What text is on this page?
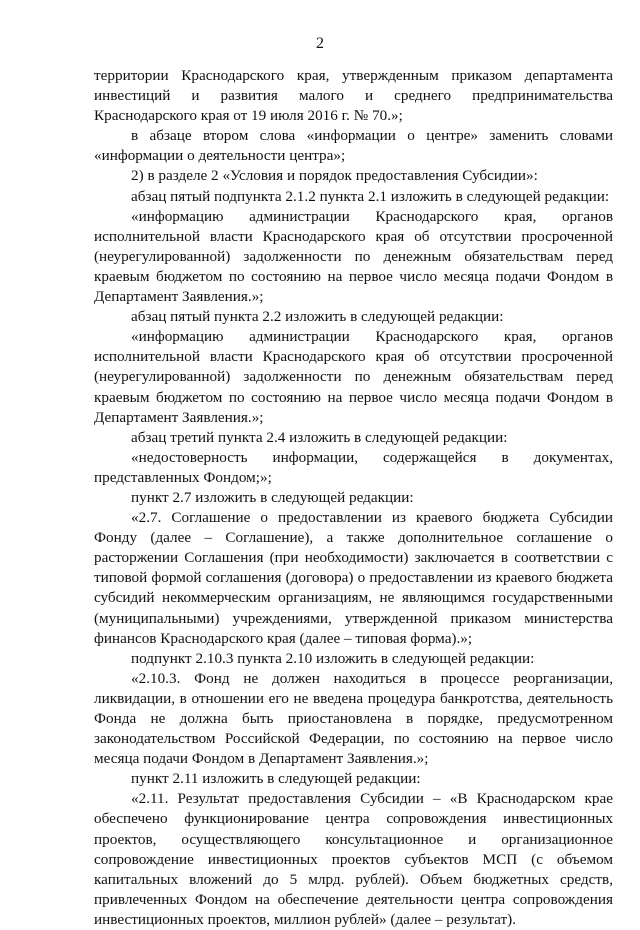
2

территории Краснодарского края, утвержденным приказом департамента инвестиций и развития малого и среднего предпринимательства Краснодарского края от 19 июля 2016 г. № 70.»;

в абзаце втором слова «информации о центре» заменить словами «информации о деятельности центра»;

2) в разделе 2 «Условия и порядок предоставления Субсидии»:

абзац пятый подпункта 2.1.2 пункта 2.1 изложить в следующей редакции:

«информацию администрации Краснодарского края, органов исполнительной власти Краснодарского края об отсутствии просроченной (неурегулированной) задолженности по денежным обязательствам перед краевым бюджетом по состоянию на первое число месяца подачи Фондом в Департамент Заявления.»;

абзац пятый пункта 2.2 изложить в следующей редакции:

«информацию администрации Краснодарского края, органов исполнительной власти Краснодарского края об отсутствии просроченной (неурегулированной) задолженности по денежным обязательствам перед краевым бюджетом по состоянию на первое число месяца подачи Фондом в Департамент Заявления.»;

абзац третий пункта 2.4 изложить в следующей редакции:

«недостоверность информации, содержащейся в документах, представленных Фондом;»;

пункт 2.7 изложить в следующей редакции:

«2.7. Соглашение о предоставлении из краевого бюджета Субсидии Фонду (далее – Соглашение), а также дополнительное соглашение о расторжении Соглашения (при необходимости) заключается в соответствии с типовой формой соглашения (договора) о предоставлении из краевого бюджета субсидий некоммерческим организациям, не являющимся государственными (муниципальными) учреждениями, утвержденной приказом министерства финансов Краснодарского края (далее – типовая форма).»;

подпункт 2.10.3 пункта 2.10 изложить в следующей редакции:

«2.10.3. Фонд не должен находиться в процессе реорганизации, ликвидации, в отношении его не введена процедура банкротства, деятельность Фонда не должна быть приостановлена в порядке, предусмотренном законодательством Российской Федерации, по состоянию на первое число месяца подачи Фондом в Департамент Заявления.»;

пункт 2.11 изложить в следующей редакции:

«2.11. Результат предоставления Субсидии – «В Краснодарском крае обеспечено функционирование центра сопровождения инвестиционных проектов, осуществляющего консультационное и организационное сопровождение инвестиционных проектов субъектов МСП (с объемом капитальных вложений до 5 млрд. рублей). Объем бюджетных средств, привлеченных Фондом на обеспечение деятельности центра сопровождения инвестиционных проектов, миллион рублей» (далее – результат).
